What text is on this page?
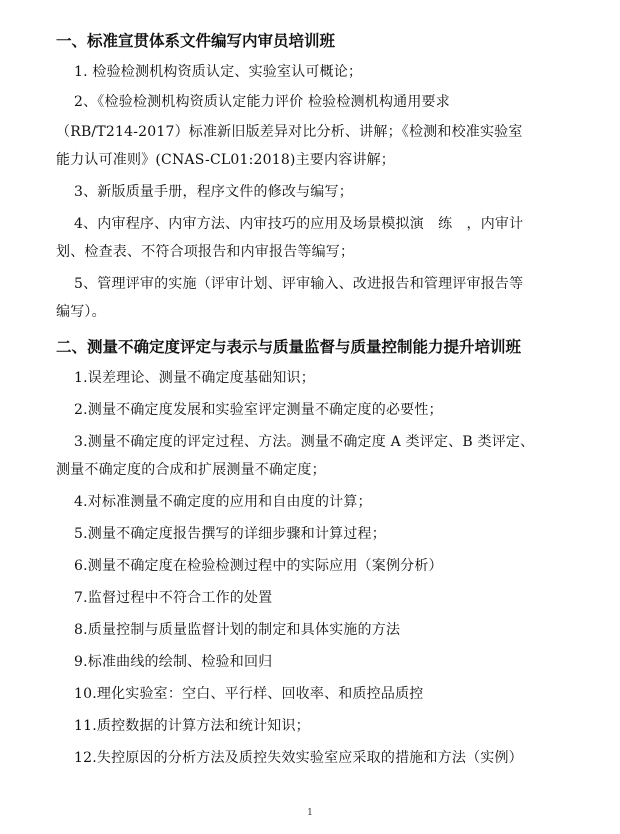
一、标准宣贯体系文件编写内审员培训班
1. 检验检测机构资质认定、实验室认可概论；
2、《检验检测机构资质认定能力评价 检验检测机构通用要求
（RB/T214-2017）标准新旧版差异对比分析、讲解；《检测和校准实验室
能力认可准则》(CNAS-CL01:2018)主要内容讲解；
3、新版质量手册，程序文件的修改与编写；
4、内审程序、内审方法、内审技巧的应用及场景模拟演　练　，内审计
划、检查表、不符合项报告和内审报告等编写；
5、管理评审的实施（评审计划、评审输入、改进报告和管理评审报告等
编写）。
二、测量不确定度评定与表示与质量监督与质量控制能力提升培训班
1.误差理论、测量不确定度基础知识；
2.测量不确定度发展和实验室评定测量不确定度的必要性；
3.测量不确定度的评定过程、方法。测量不确定度 A 类评定、B 类评定、
测量不确定度的合成和扩展测量不确定度；
4.对标准测量不确定度的应用和自由度的计算；
5.测量不确定度报告撰写的详细步骤和计算过程；
6.测量不确定度在检验检测过程中的实际应用（案例分析）
7.监督过程中不符合工作的处置
8.质量控制与质量监督计划的制定和具体实施的方法
9.标准曲线的绘制、检验和回归
10.理化实验室：空白、平行样、回收率、和质控品质控
11.质控数据的计算方法和统计知识；
12.失控原因的分析方法及质控失效实验室应采取的措施和方法（实例）
1
